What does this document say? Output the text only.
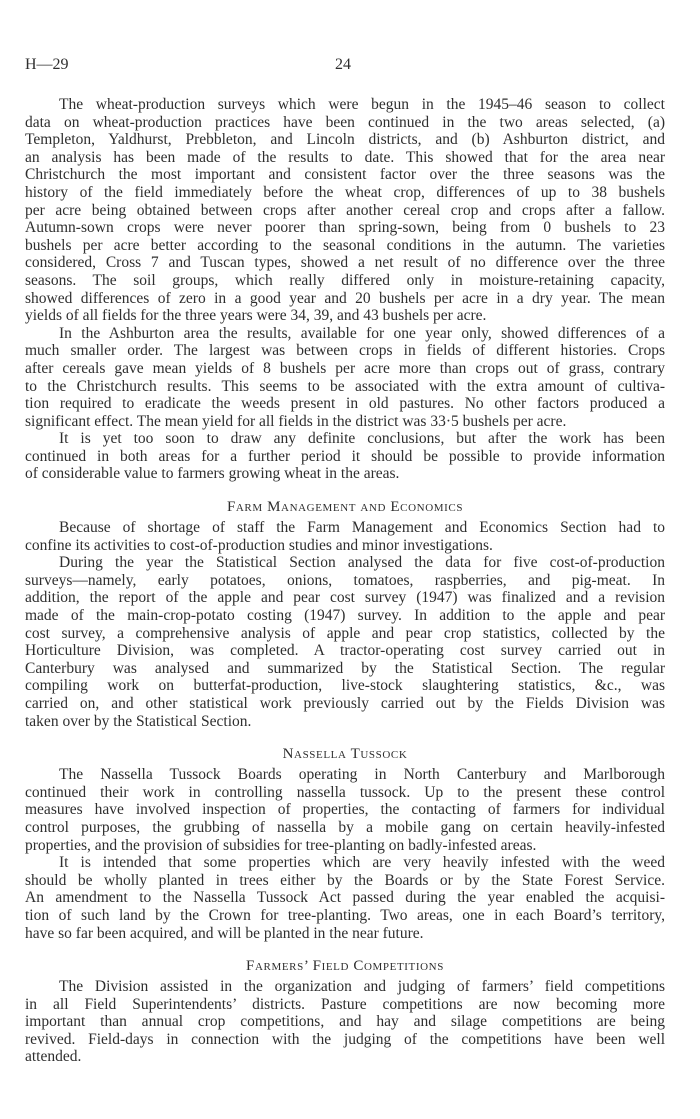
H—29	24
The wheat-production surveys which were begun in the 1945–46 season to collect
data on wheat-production practices have been continued in the two areas selected, (a)
Templeton, Yaldhurst, Prebbleton, and Lincoln districts, and (b) Ashburton district, and
an analysis has been made of the results to date. This showed that for the area near
Christchurch the most important and consistent factor over the three seasons was the
history of the field immediately before the wheat crop, differences of up to 38 bushels
per acre being obtained between crops after another cereal crop and crops after a fallow.
Autumn-sown crops were never poorer than spring-sown, being from 0 bushels to 23
bushels per acre better according to the seasonal conditions in the autumn. The varieties
considered, Cross 7 and Tuscan types, showed a net result of no difference over the three
seasons. The soil groups, which really differed only in moisture-retaining capacity,
showed differences of zero in a good year and 20 bushels per acre in a dry year. The mean
yields of all fields for the three years were 34, 39, and 43 bushels per acre.
In the Ashburton area the results, available for one year only, showed differences of a
much smaller order. The largest was between crops in fields of different histories. Crops
after cereals gave mean yields of 8 bushels per acre more than crops out of grass, contrary
to the Christchurch results. This seems to be associated with the extra amount of cultiva-
tion required to eradicate the weeds present in old pastures. No other factors produced a
significant effect. The mean yield for all fields in the district was 33·5 bushels per acre.
It is yet too soon to draw any definite conclusions, but after the work has been
continued in both areas for a further period it should be possible to provide information
of considerable value to farmers growing wheat in the areas.
Farm Management and Economics
Because of shortage of staff the Farm Management and Economics Section had to
confine its activities to cost-of-production studies and minor investigations.
During the year the Statistical Section analysed the data for five cost-of-production
surveys—namely, early potatoes, onions, tomatoes, raspberries, and pig-meat. In
addition, the report of the apple and pear cost survey (1947) was finalized and a revision
made of the main-crop-potato costing (1947) survey. In addition to the apple and pear
cost survey, a comprehensive analysis of apple and pear crop statistics, collected by the
Horticulture Division, was completed. A tractor-operating cost survey carried out in
Canterbury was analysed and summarized by the Statistical Section. The regular
compiling work on butterfat-production, live-stock slaughtering statistics, &c., was
carried on, and other statistical work previously carried out by the Fields Division was
taken over by the Statistical Section.
Nassella Tussock
The Nassella Tussock Boards operating in North Canterbury and Marlborough
continued their work in controlling nassella tussock. Up to the present these control
measures have involved inspection of properties, the contacting of farmers for individual
control purposes, the grubbing of nassella by a mobile gang on certain heavily-infested
properties, and the provision of subsidies for tree-planting on badly-infested areas.
It is intended that some properties which are very heavily infested with the weed
should be wholly planted in trees either by the Boards or by the State Forest Service.
An amendment to the Nassella Tussock Act passed during the year enabled the acquisi-
tion of such land by the Crown for tree-planting. Two areas, one in each Board’s territory,
have so far been acquired, and will be planted in the near future.
Farmers’ Field Competitions
The Division assisted in the organization and judging of farmers’ field competitions
in all Field Superintendents’ districts. Pasture competitions are now becoming more
important than annual crop competitions, and hay and silage competitions are being
revived. Field-days in connection with the judging of the competitions have been well
attended.
